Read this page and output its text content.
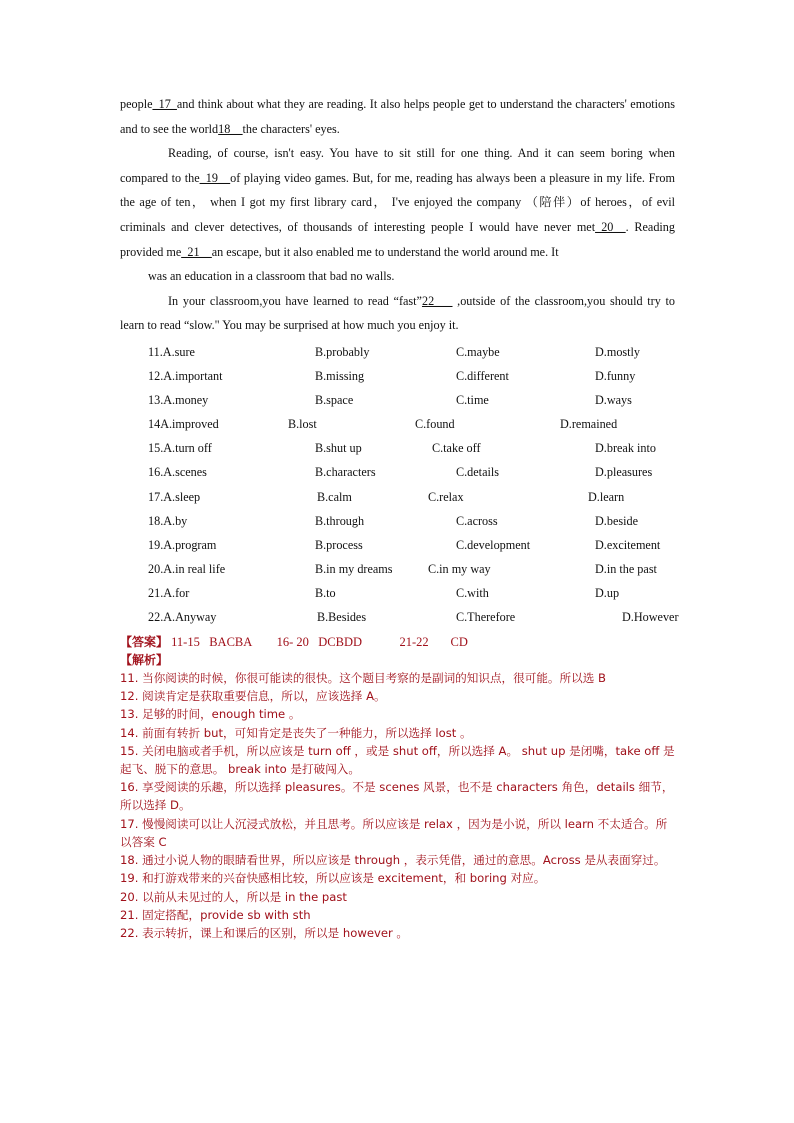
people_17_and think about what they are reading. It also helps people get to understand the characters' emotions and to see the world18__the characters' eyes.

Reading, of course, isn't easy. You have to sit still for one thing. And it can seem boring when compared to the_19__of playing video games. But, for me, reading has always been a pleasure in my life. From the age of ten， when I got my first library card， I've enjoyed the company （陪伴）of heroes，of evil criminals and clever detectives, of thousands of interesting people I would have never met_20__. Reading provided me_21__an escape, but it also enabled me to understand the world around me. It

was an education in a classroom that bad no walls.

In your classroom,you have learned to read “fast”22___ ,outside of the classroom,you should try to learn to read “slow." You may be surprised at how much you enjoy it.

11.A.sure	B.probably	C.maybe	D.mostly
12.A.important	B.missing	C.different	D.funny
13.A.money	B.space	C.time	D.ways
14A.improved	B.lost	C.found	D.remained
15.A.turn off	B.shut up	C.take off	D.break into
16.A.scenes	B.characters	C.details	D.pleasures
17.A.sleep	B.calm	C.relax	D.learn
18.A.by	B.through	C.across	D.beside
19.A.program	B.process	C.development	D.excitement
20.A.in real life	B.in my dreams	C.in my way	D.in the past
21.A.for	B.to	C.with	D.up
22.A.Anyway	B.Besides	C.Therefore	D.However
【答案】 11-15   BACBA        16- 20   DCBDD            21-22       CD
【解析】
11. 当你阅读的时候，你很可能读的很快。这个题目考察的是副词的知识点，很可能。所以选 B
12. 阅读肯定是获取重要信息，所以，应该选择 A。
13. 足够的时间，enough time 。
14. 前面有转折 but，可知肯定是丧失了一种能力，所以选择 lost 。
15. 关闭电脑或者手机，所以应该是 turn off ，或是 shut off，所以选择 A。 shut up 是闭嘴，take off 是起飞、脱下的意思。 break into 是打破闯入。
16. 享受阅读的乐趣，所以选择 pleasures。不是 scenes 风景，也不是 characters 角色，details 细节，所以选择 D。
17. 慢慢阅读可以让人沉浸式放松，并且思考。所以应该是 relax ，因为是小说，所以 learn 不太适合。所以答案 C
18. 通过小说人物的眼睛看世界，所以应该是 through ，表示凭借，通过的意思。Across 是从表面穿过。
19. 和打游戏带来的兴奋快感相比较，所以应该是 excitement，和 boring 对应。
20. 以前从未见过的人，所以是 in the past
21. 固定搭配，provide sb with sth
22. 表示转折，课上和课后的区别，所以是 however 。
